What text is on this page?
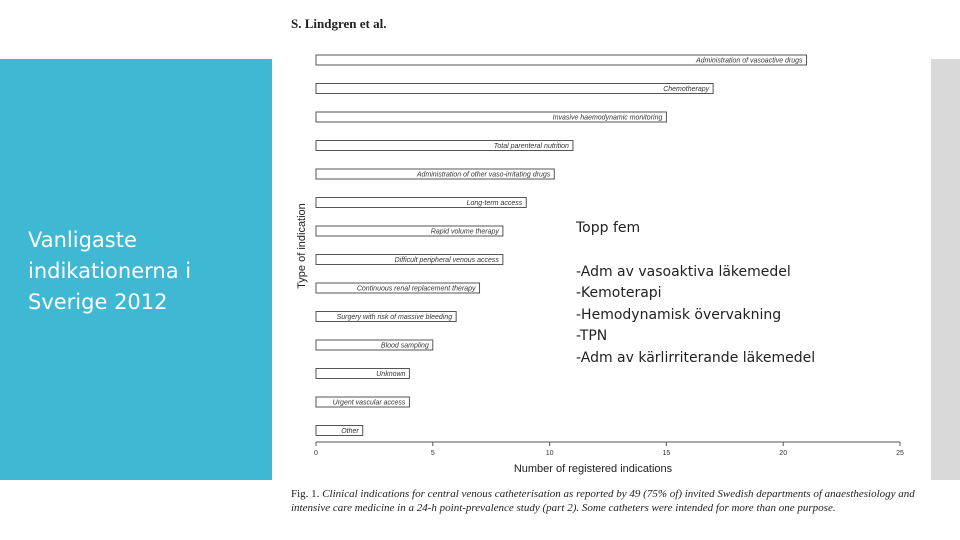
Vanligaste
indikationerna i
Sverige 2012
S. Lindgren et al.
Administration of vasoactive drugs
Chemotherapy
Invasive haemodynamic monitoring
Total parenteral nutrition
Administration of other vaso-irritating drugs
Long-term access
Rapid volume therapy
Difficult peripheral venous access
Continuous renal replacement therapy
Surgery with risk of massive bleeding
Blood sampling
Unknown
Urgent vascular access
Other
0	5	10	15	20	25
Number of registered indications
Type of indication
Fig. 1. Clinical indications for central venous catheterisation as reported by 49 (75% of) invited Swedish departments of anaesthesiology and intensive care medicine in a 24-h point-prevalence study (part 2). Some catheters were intended for more than one purpose.
Topp fem
-Adm av vasoaktiva läkemedel
-Kemoterapi
-Hemodynamisk övervakning
-TPN
-Adm av kärlirriterande läkemedel
